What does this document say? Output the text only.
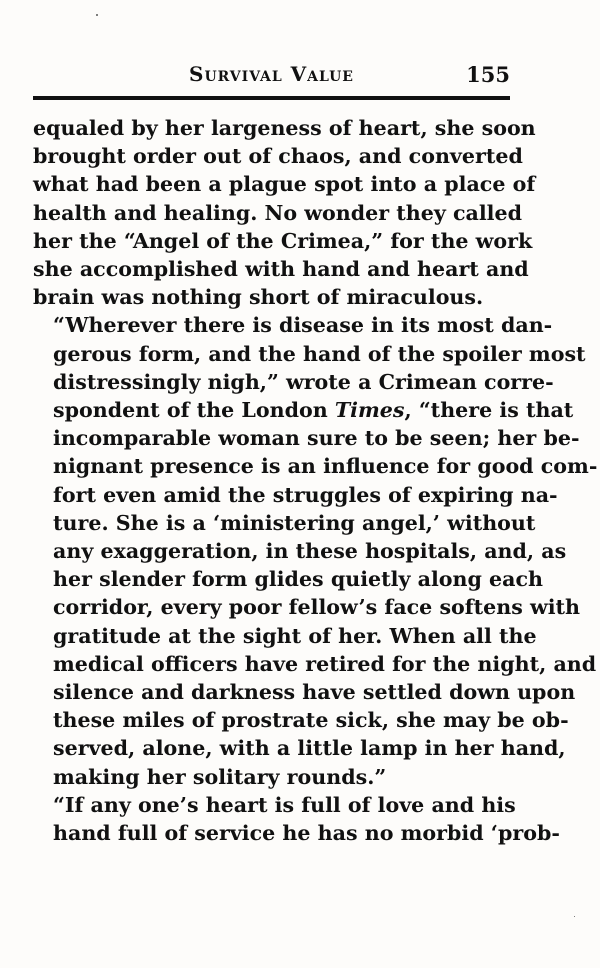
Survival Value	155

equaled by her largeness of heart, she soon
brought order out of chaos, and converted
what had been a plague spot into a place of
health and healing. No wonder they called
her the “Angel of the Crimea,” for the work
she accomplished with hand and heart and
brain was nothing short of miraculous.

“Wherever there is disease in its most dan-
gerous form, and the hand of the spoiler most
distressingly nigh,” wrote a Crimean corre-
spondent of the London Times, “there is that
incomparable woman sure to be seen; her be-
nignant presence is an influence for good com-
fort even amid the struggles of expiring na-
ture. She is a ‘ministering angel,’ without
any exaggeration, in these hospitals, and, as
her slender form glides quietly along each
corridor, every poor fellow’s face softens with
gratitude at the sight of her. When all the
medical officers have retired for the night, and
silence and darkness have settled down upon
these miles of prostrate sick, she may be ob-
served, alone, with a little lamp in her hand,
making her solitary rounds.”

“If any one’s heart is full of love and his
hand full of service he has no morbid ‘prob-
